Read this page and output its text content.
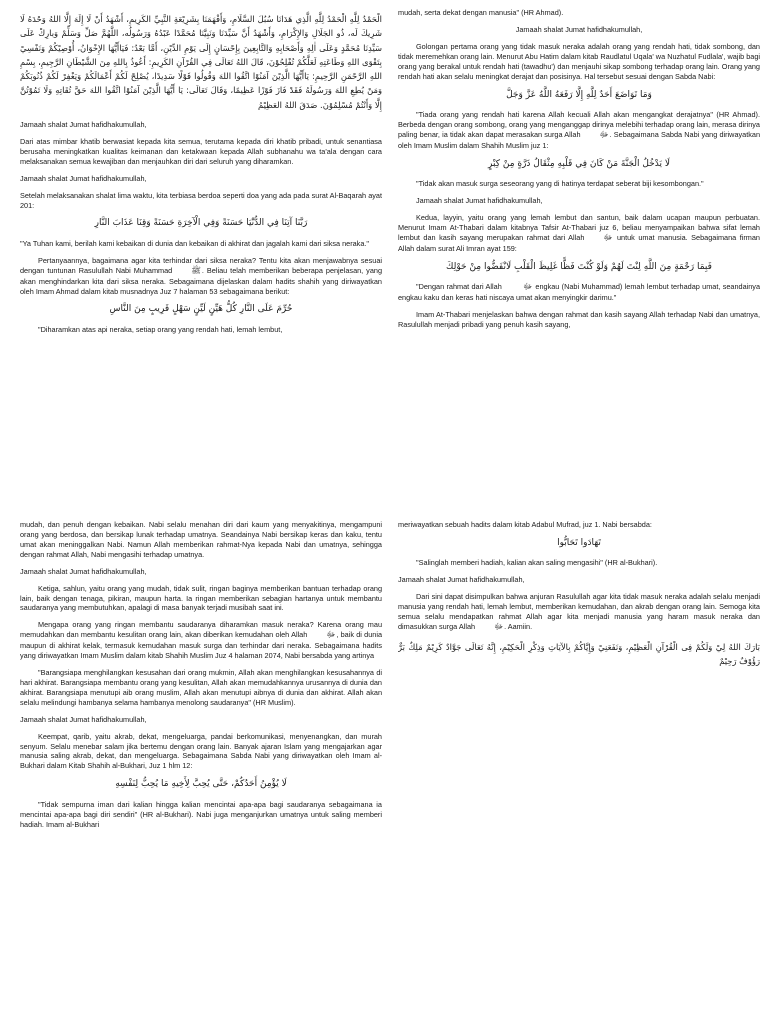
الْحَمْدُ لِلَّهِ الْحَمْدُ لِلَّهِ الَّذِي هَدَانَا سُبُلَ السَّلَامِ، وَأَفْهَمَنَا بِشَرِيْعَةِ النَّبِيِّ الكَرِيمِ، أَشْهَدُ أَنْ لَا إِلَهَ إِلَّا اللهُ وَحْدَهُ لَا شَرِيكَ لَه، ذُو الجَلَالِ وَالإِكْرَامِ، وَأَشْهَدُ أَنَّ سَيِّدَنَا وَنَبِيَّنَا مُحَمَّدًا عَبْدُهُ وَرَسُولُه، اللَّهُمَّ صَلِّ وَسَلِّمْ وَبارِكْ عَلَى سَيِّدِنَا مُحَمَّدٍ وَعَلَى اٰلِهِ وَأَصْحَابِهِ وَالتَّابِعِينَ بِإِحْسَانٍ إِلَى يَوْمِ الدِّيْنِ، أَمَّا بَعْدُ: فَيَاأَيُّهَا الإِخْوَانُ، أُوْصِيْكُمْ وَنَفْسِيْ بِتَقْوَى اللهِ وَطَاعَتِهِ لَعَلَّكُمْ تُفْلِحُوْنَ، قَالَ اللهُ تَعَالَى فِي القُرْآنِ الكَرِيمِ: أَعُوذُ بِاللهِ مِنَ الشَّيْطَانِ الرَّجِيمِ، بِسْمِ اللهِ الرَّحْمَنِ الرَّحِيمِ: يَاأَيُّهَا الَّذِيْنَ آمَنُوْا اتَّقُوا اللهَ وَقُولُوا قَوْلًا سَدِيدًا، يُصْلِحْ لَكُمْ أَعْمَالَكُمْ وَيَغْفِرْ لَكُمْ ذُنُوبَكُمْ وَمَنْ يُطِعِ اللهَ وَرَسُولَهُ فَقَدْ فَازَ فَوْزًا عَظِيمًا، وَقَالَ تَعَالَى: يَا أَيُّهَا الَّذِيْنَ آمَنُوْا اتَّقُوا اللهَ حَقَّ تُقَاتِهِ وَلَا تَمُوْتُنَّ إِلَّا وَأَنْتُمْ مُسْلِمُوْنَ. صَدَقَ اللهُ العَظِيْمُ

Jamaah shalat Jumat hafidhakumullah,

Dari atas mimbar khatib berwasiat kepada kita semua, terutama kepada diri khatib pribadi, untuk senantiasa berusaha meningkatkan kualitas keimanan dan ketakwaan kepada Allah subhanahu wa ta'ala dengan cara melaksanakan semua kewajiban dan menjauhkan diri dari seluruh yang diharamkan.

Jamaah shalat Jumat hafidhakumullah,

Setelah melaksanakan shalat lima waktu, kita terbiasa berdoa seperti doa yang ada pada surat Al-Baqarah ayat 201:

رَبَّنَا آتِنَا فِي الدُّنْيَا حَسَنَةً وَفِي الْآخِرَةِ حَسَنَةً وَقِنَا عَذَابَ النَّارِ

"Ya Tuhan kami, berilah kami kebaikan di dunia dan kebaikan di akhirat dan jagalah kami dari siksa neraka."

Pertanyaannya, bagaimana agar kita terhindar dari siksa neraka? Tentu kita akan menjawabnya sesuai dengan tuntunan Rasulullah Nabi Muhammad ﷺ. Beliau telah memberikan beberapa penjelasan, yang akan menghindarkan kita dari siksa neraka. Sebagaimana dijelaskan dalam hadits shahih yang diriwayatkan oleh Imam Ahmad dalam kitab musnadnya Juz 7 halaman 53 sebagaimana berikut:

حُرِّمَ عَلَى النَّارِ كُلُّ هَيِّنٍ لَيِّنٍ سَهْلٍ قَرِيبٍ مِنَ النَّاسِ

"Diharamkan atas api neraka, setiap orang yang rendah hati, lemah lembut,

mudah, serta dekat dengan manusia" (HR Ahmad).

Jamaah shalat Jumat hafidhakumullah,

Golongan pertama orang yang tidak masuk neraka adalah orang yang rendah hati, tidak sombong, dan tidak meremehkan orang lain. Menurut Abu Hatim dalam kitab Raudlatul Uqala' wa Nuzhatul Fudlala', wajib bagi orang yang berakal untuk rendah hati (tawadhu') dan menjauhi sikap sombong terhadap orang lain. Orang yang rendah hati akan selalu meningkat derajat dan posisinya. Hal tersebut sesuai dengan Sabda Nabi:

وَمَا تَوَاضَعَ أَحَدٌ لِلَّهِ إِلَّا رَفَعَهُ اللَّهُ عَزَّ وَجَلَّ

"Tiada orang yang rendah hati karena Allah kecuali Allah akan mengangkat derajatnya" (HR Ahmad). Berbeda dengan orang sombong, orang yang menganggap dirinya melebihi terhadap orang lain, merasa dirinya paling benar, ia tidak akan dapat merasakan surga Allah ﷻ. Sebagaimana Sabda Nabi yang diriwayatkan oleh Imam Muslim dalam Shahih Muslim juz 1:

لَا يَدْخُلُ الْجَنَّةَ مَنْ كَانَ فِي قَلْبِهِ مِثْقَالُ ذَرَّةٍ مِنْ كِبْرٍ

"Tidak akan masuk surga seseorang yang di hatinya terdapat seberat biji kesombongan."

Jamaah shalat Jumat hafidhakumullah,

Kedua, layyin, yaitu orang yang lemah lembut dan santun, baik dalam ucapan maupun perbuatan. Menurut Imam At-Thabari dalam kitabnya Tafsir At-Thabari juz 6, beliau menyampaikan bahwa sifat lemah lembut dan kasih sayang merupakan rahmat dari Allah ﷻ untuk umat manusia. Sebagaimana firman Allah dalam surat Ali Imran ayat 159:

فَبِمَا رَحْمَةٍ مِنَ اللَّهِ لِنْتَ لَهُمْ وَلَوْ كُنْتَ فَظًّا غَلِيظَ الْقَلْبِ لَانْفَضُّوا مِنْ حَوْلِكَ

"Dengan rahmat dari Allah	ﷻ engkau (Nabi Muhammad) lemah lembut terhadap umat, seandainya engkau kaku dan keras hati niscaya umat akan menyingkir darimu."

Imam At-Thabari menjelaskan bahwa dengan rahmat dan kasih sayang Allah terhadap Nabi dan umatnya, Rasulullah menjadi pribadi yang penuh kasih sayang,

mudah, dan penuh dengan kebaikan. Nabi selalu menahan diri dari kaum yang menyakitinya, mengampuni orang yang berdosa, dan bersikap lunak terhadap umatnya. Seandainya Nabi bersikap keras dan kaku, tentu umat akan meninggalkan Nabi. Namun Allah memberikan rahmat-Nya kepada Nabi dan umatnya, sehingga dengan rahmat Allah, Nabi mengasihi terhadap umatnya.

Jamaah shalat Jumat hafidhakumullah,

Ketiga, sahlun, yaitu orang yang mudah, tidak sulit, ringan baginya memberikan bantuan terhadap orang lain, baik dengan tenaga, pikiran, maupun harta. Ia ringan memberikan sebagian hartanya untuk membantu saudaranya yang membutuhkan, apalagi di masa banyak terjadi musibah saat ini.

Mengapa orang yang ringan membantu saudaranya diharamkan masuk neraka? Karena orang mau memudahkan dan membantu kesulitan orang lain, akan diberikan kemudahan oleh Allah ﷻ, baik di dunia maupun di akhirat kelak, termasuk kemudahan masuk surga dan terhindar dari neraka. Sebagaimana hadits yang diriwayatkan Imam Muslim dalam kitab Shahih Muslim Juz 4 halaman 2074, Nabi bersabda yang artinya

"Barangsiapa menghilangkan kesusahan dari orang mukmin, Allah akan menghilangkan kesusahannya di hari akhirat. Barangsiapa membantu orang yang kesulitan, Allah akan memudahkannya urusannya di dunia dan akhirat. Barangsiapa menutupi aib orang muslim, Allah akan menutupi aibnya di dunia dan akhirat. Allah akan selalu melindungi hambanya selama hambanya menolong saudaranya" (HR Muslim).

Jamaah shalat Jumat hafidhakumullah,

Keempat, qarib, yaitu akrab, dekat, mengeluarga, pandai berkomunikasi, menyenangkan, dan murah senyum. Selalu menebar salam jika bertemu dengan orang lain. Banyak ajaran Islam yang mengajarkan agar manusia saling akrab, dekat, dan mengeluarga. Sebagaimana Sabda Nabi yang diriwayatkan oleh Imam al-Bukhari dalam Kitab Shahih al-Bukhari, Juz 1 hlm 12:

لَا يُؤْمِنُ أَحَدُكُمْ، حَتَّى يُحِبَّ لِأَخِيهِ مَا يُحِبُّ لِنَفْسِهِ

"Tidak sempurna iman dari kalian hingga kalian mencintai apa-apa bagi saudaranya sebagaimana ia mencintai apa-apa bagi diri sendiri" (HR al-Bukhari). Nabi juga menganjurkan umatnya untuk saling memberi hadiah. Imam al-Bukhari

meriwayatkan sebuah hadits dalam kitab Adabul Mufrad, juz 1. Nabi bersabda:

تَهَادَوا تَحَابُّوا

"Salinglah memberi hadiah, kalian akan saling mengasihi" (HR al-Bukhari).

Jamaah shalat Jumat hafidhakumullah,

Dari sini dapat disimpulkan bahwa anjuran Rasulullah agar kita tidak masuk neraka adalah selalu menjadi manusia yang rendah hati, lemah lembut, memberikan kemudahan, dan akrab dengan orang lain. Semoga kita semua selalu mendapatkan rahmat Allah agar kita menjadi manusia yang haram masuk neraka dan dimasukkan surga Allah ﷻ. Aamiin.

بَارَكَ اللهُ لِيْ وَلَكُمْ فِى الْقُرْآنِ الْعَظِيْمِ، وَنَفَعَنِيْ وَإِيَّاكُمْ بِالآيَاتِ وَذِكْرِ الْحَكِيْمِ، إِنَّهُ تَعَالَى جَوَّادٌ كَرِيْمٌ مَلِكٌ بَرٌّ رَؤُوْفٌ رَحِيْمٌ
